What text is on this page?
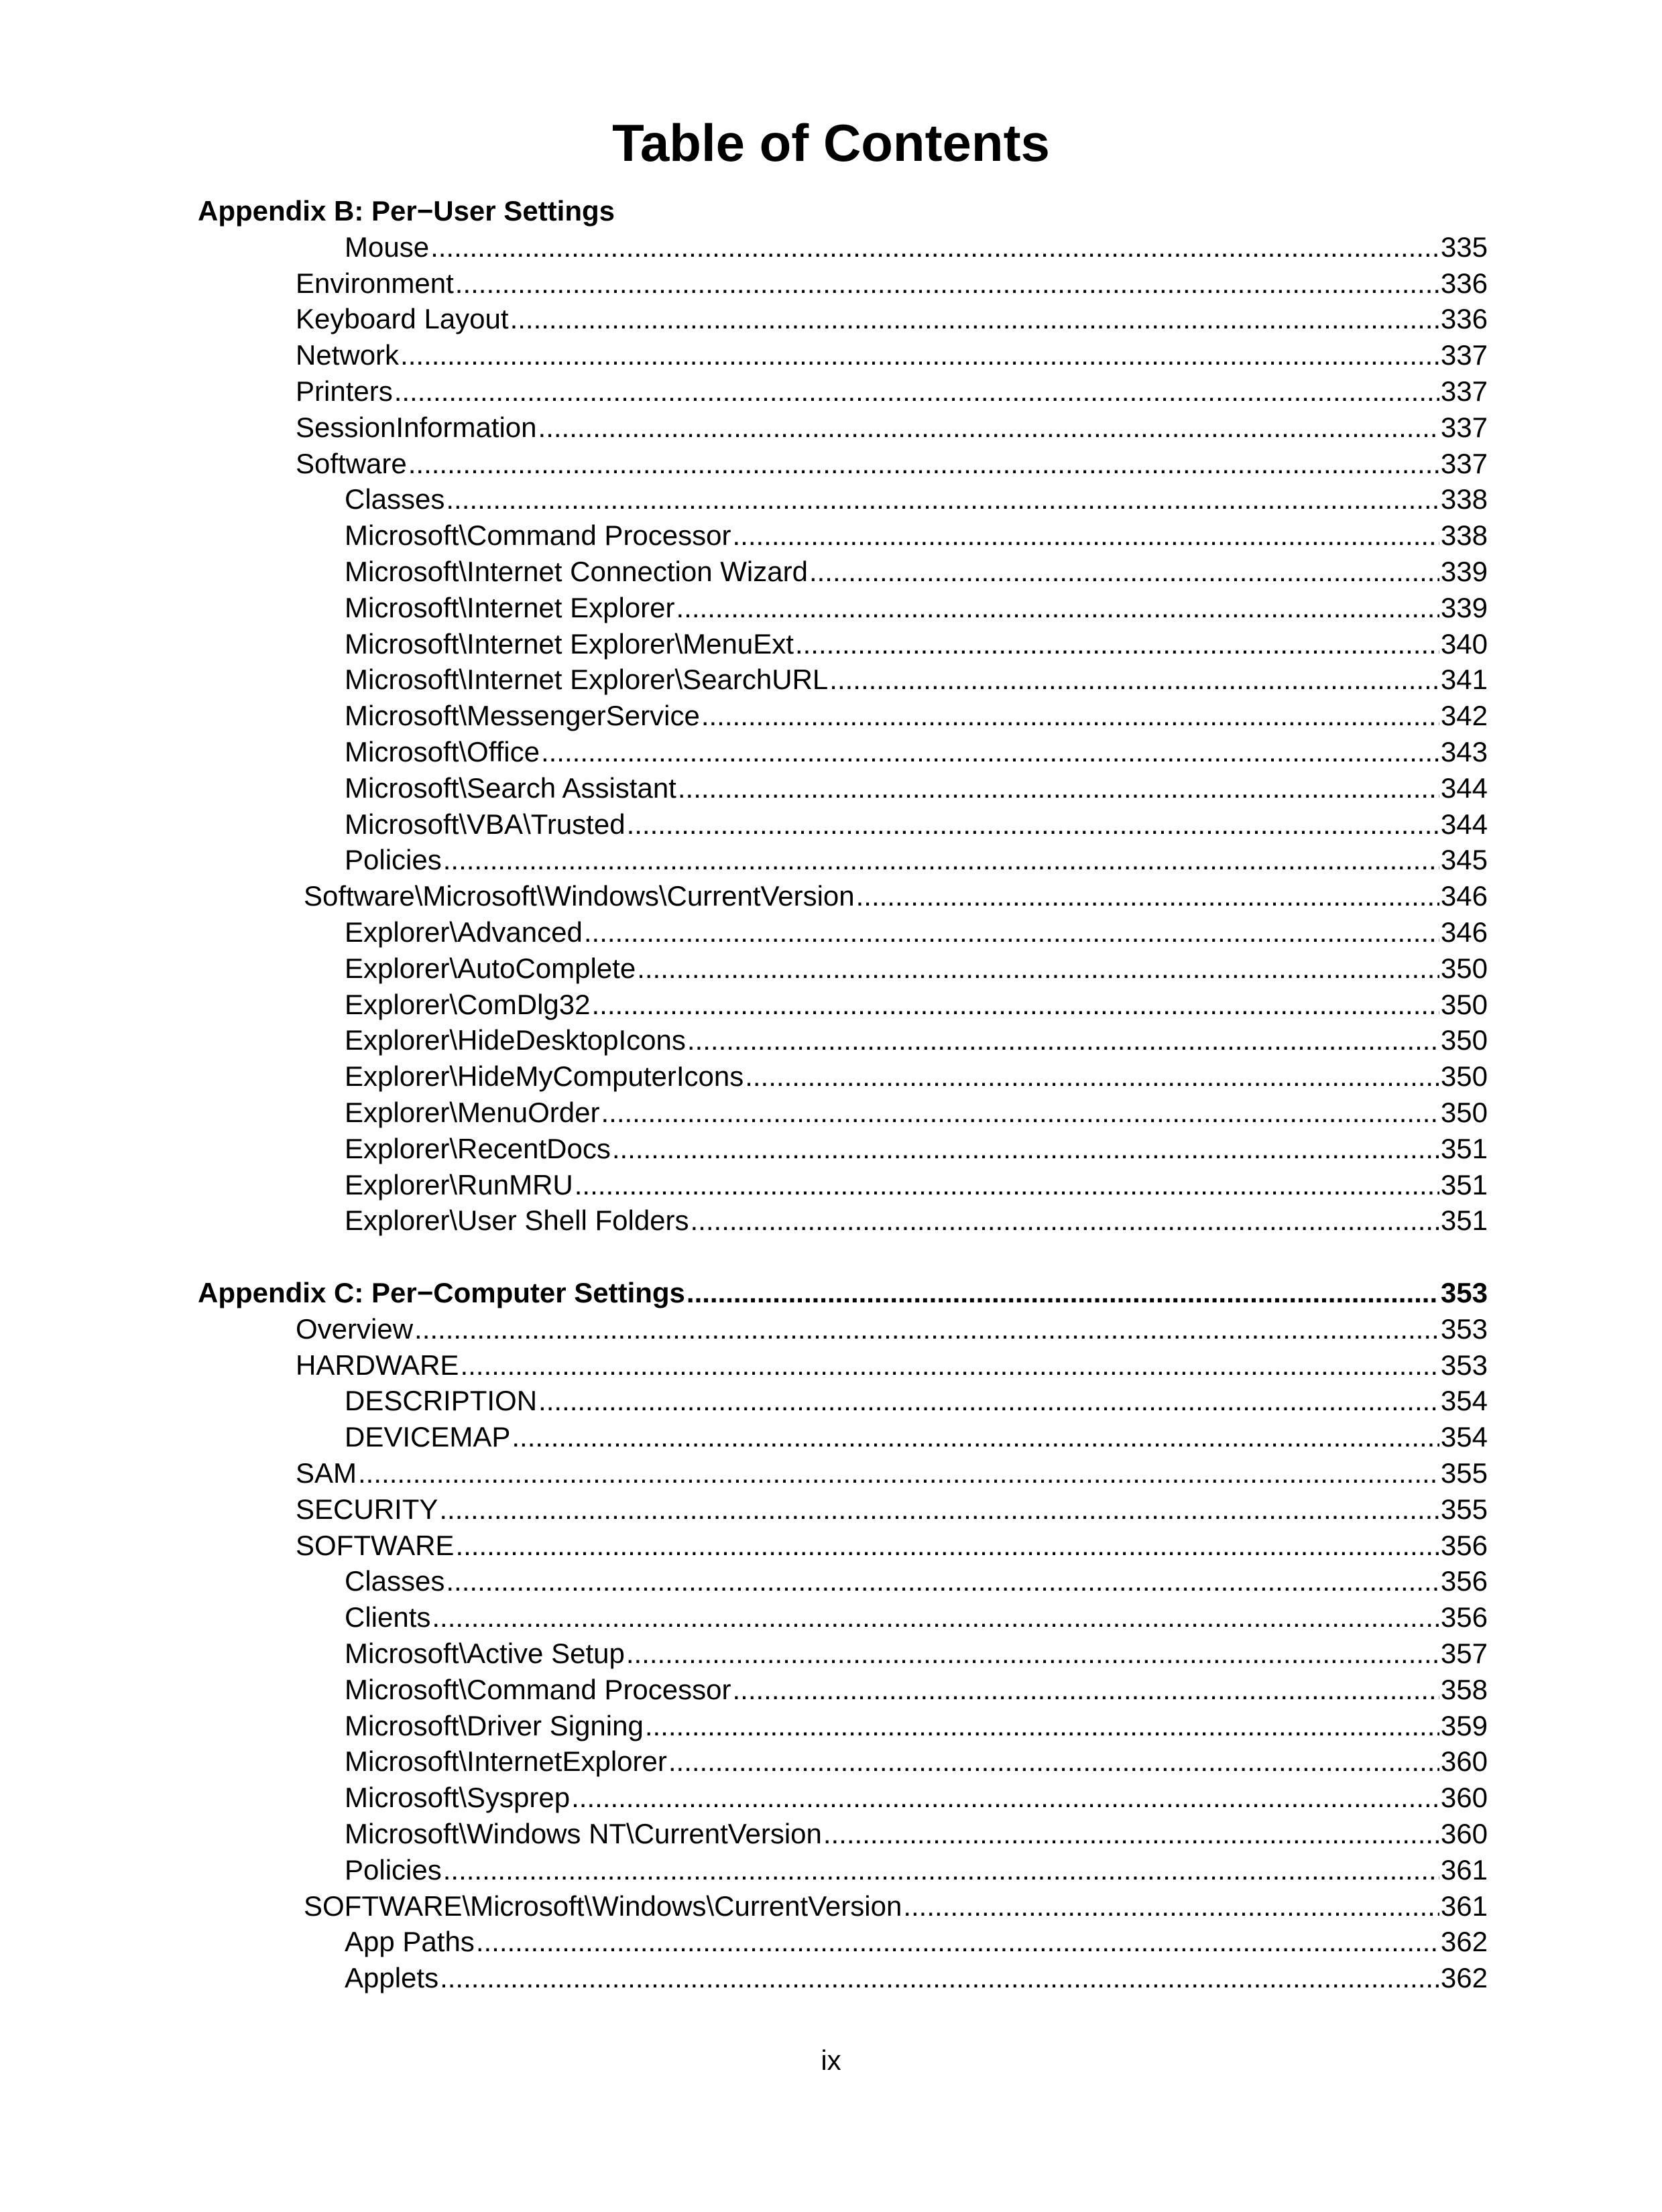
Table of Contents
Appendix B: Per−User Settings
Mouse .....	335
Environment .....	336
Keyboard Layout .....	336
Network .....	337
Printers .....	337
SessionInformation .....	337
Software .....	337
Classes .....	338
Microsoft\Command Processor .....	338
Microsoft\Internet Connection Wizard .....	339
Microsoft\Internet Explorer .....	339
Microsoft\Internet Explorer\MenuExt .....	340
Microsoft\Internet Explorer\SearchURL .....	341
Microsoft\MessengerService .....	342
Microsoft\Office .....	343
Microsoft\Search Assistant .....	344
Microsoft\VBA\Trusted .....	344
Policies .....	345
Software\Microsoft\Windows\CurrentVersion .....	346
Explorer\Advanced .....	346
Explorer\AutoComplete .....	350
Explorer\ComDlg32 .....	350
Explorer\HideDesktopIcons .....	350
Explorer\HideMyComputerIcons .....	350
Explorer\MenuOrder .....	350
Explorer\RecentDocs .....	351
Explorer\RunMRU .....	351
Explorer\User Shell Folders .....	351
Appendix C: Per−Computer Settings .....	353
Overview .....	353
HARDWARE .....	353
DESCRIPTION .....	354
DEVICEMAP .....	354
SAM .....	355
SECURITY .....	355
SOFTWARE .....	356
Classes .....	356
Clients .....	356
Microsoft\Active Setup .....	357
Microsoft\Command Processor .....	358
Microsoft\Driver Signing .....	359
Microsoft\InternetExplorer .....	360
Microsoft\Sysprep .....	360
Microsoft\Windows NT\CurrentVersion .....	360
Policies .....	361
SOFTWARE\Microsoft\Windows\CurrentVersion .....	361
App Paths .....	362
Applets .....	362
ix
